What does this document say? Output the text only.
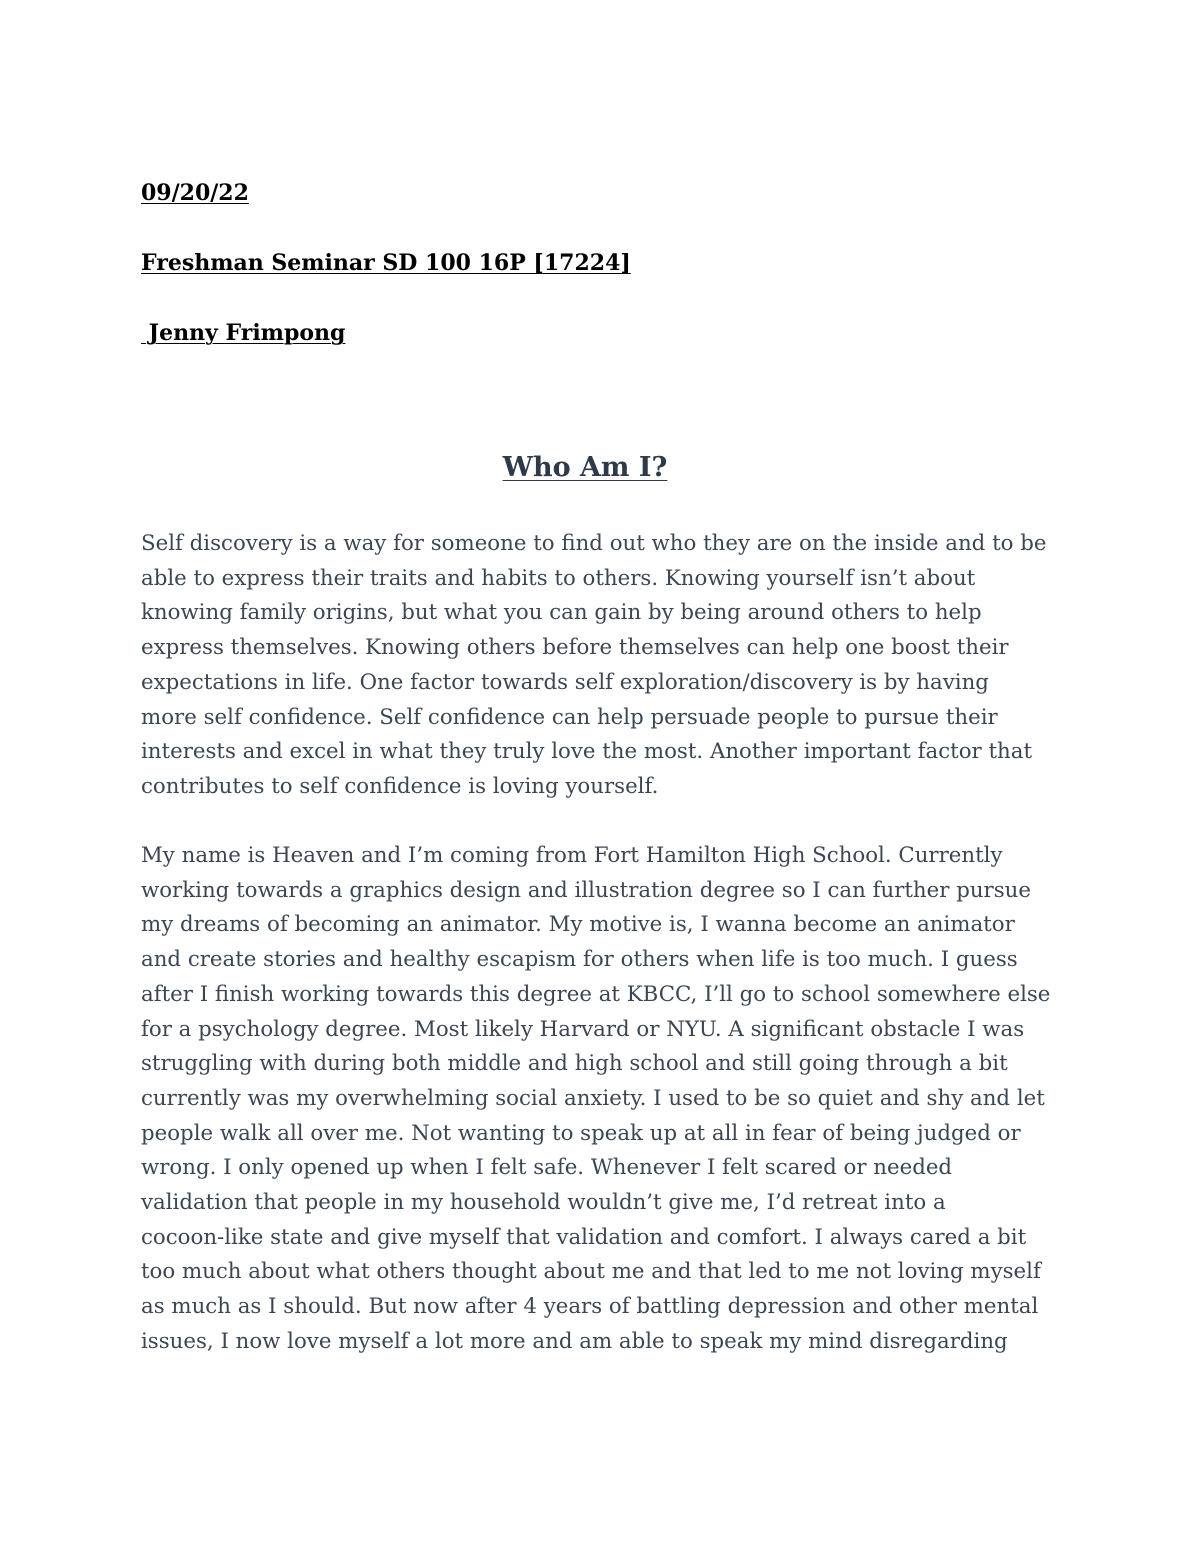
09/20/22
Freshman Seminar SD 100 16P [17224]
Jenny Frimpong
Who Am I?
Self discovery is a way for someone to find out who they are on the inside and to be
able to express their traits and habits to others. Knowing yourself isn’t about
knowing family origins, but what you can gain by being around others to help
express themselves. Knowing others before themselves can help one boost their
expectations in life. One factor towards self exploration/discovery is by having
more self confidence. Self confidence can help persuade people to pursue their
interests and excel in what they truly love the most. Another important factor that
contributes to self confidence is loving yourself.
My name is Heaven and I’m coming from Fort Hamilton High School. Currently
working towards a graphics design and illustration degree so I can further pursue
my dreams of becoming an animator. My motive is, I wanna become an animator
and create stories and healthy escapism for others when life is too much. I guess
after I finish working towards this degree at KBCC, I’ll go to school somewhere else
for a psychology degree. Most likely Harvard or NYU. A significant obstacle I was
struggling with during both middle and high school and still going through a bit
currently was my overwhelming social anxiety. I used to be so quiet and shy and let
people walk all over me. Not wanting to speak up at all in fear of being judged or
wrong. I only opened up when I felt safe. Whenever I felt scared or needed
validation that people in my household wouldn’t give me, I’d retreat into a
cocoon-like state and give myself that validation and comfort. I always cared a bit
too much about what others thought about me and that led to me not loving myself
as much as I should. But now after 4 years of battling depression and other mental
issues, I now love myself a lot more and am able to speak my mind disregarding
